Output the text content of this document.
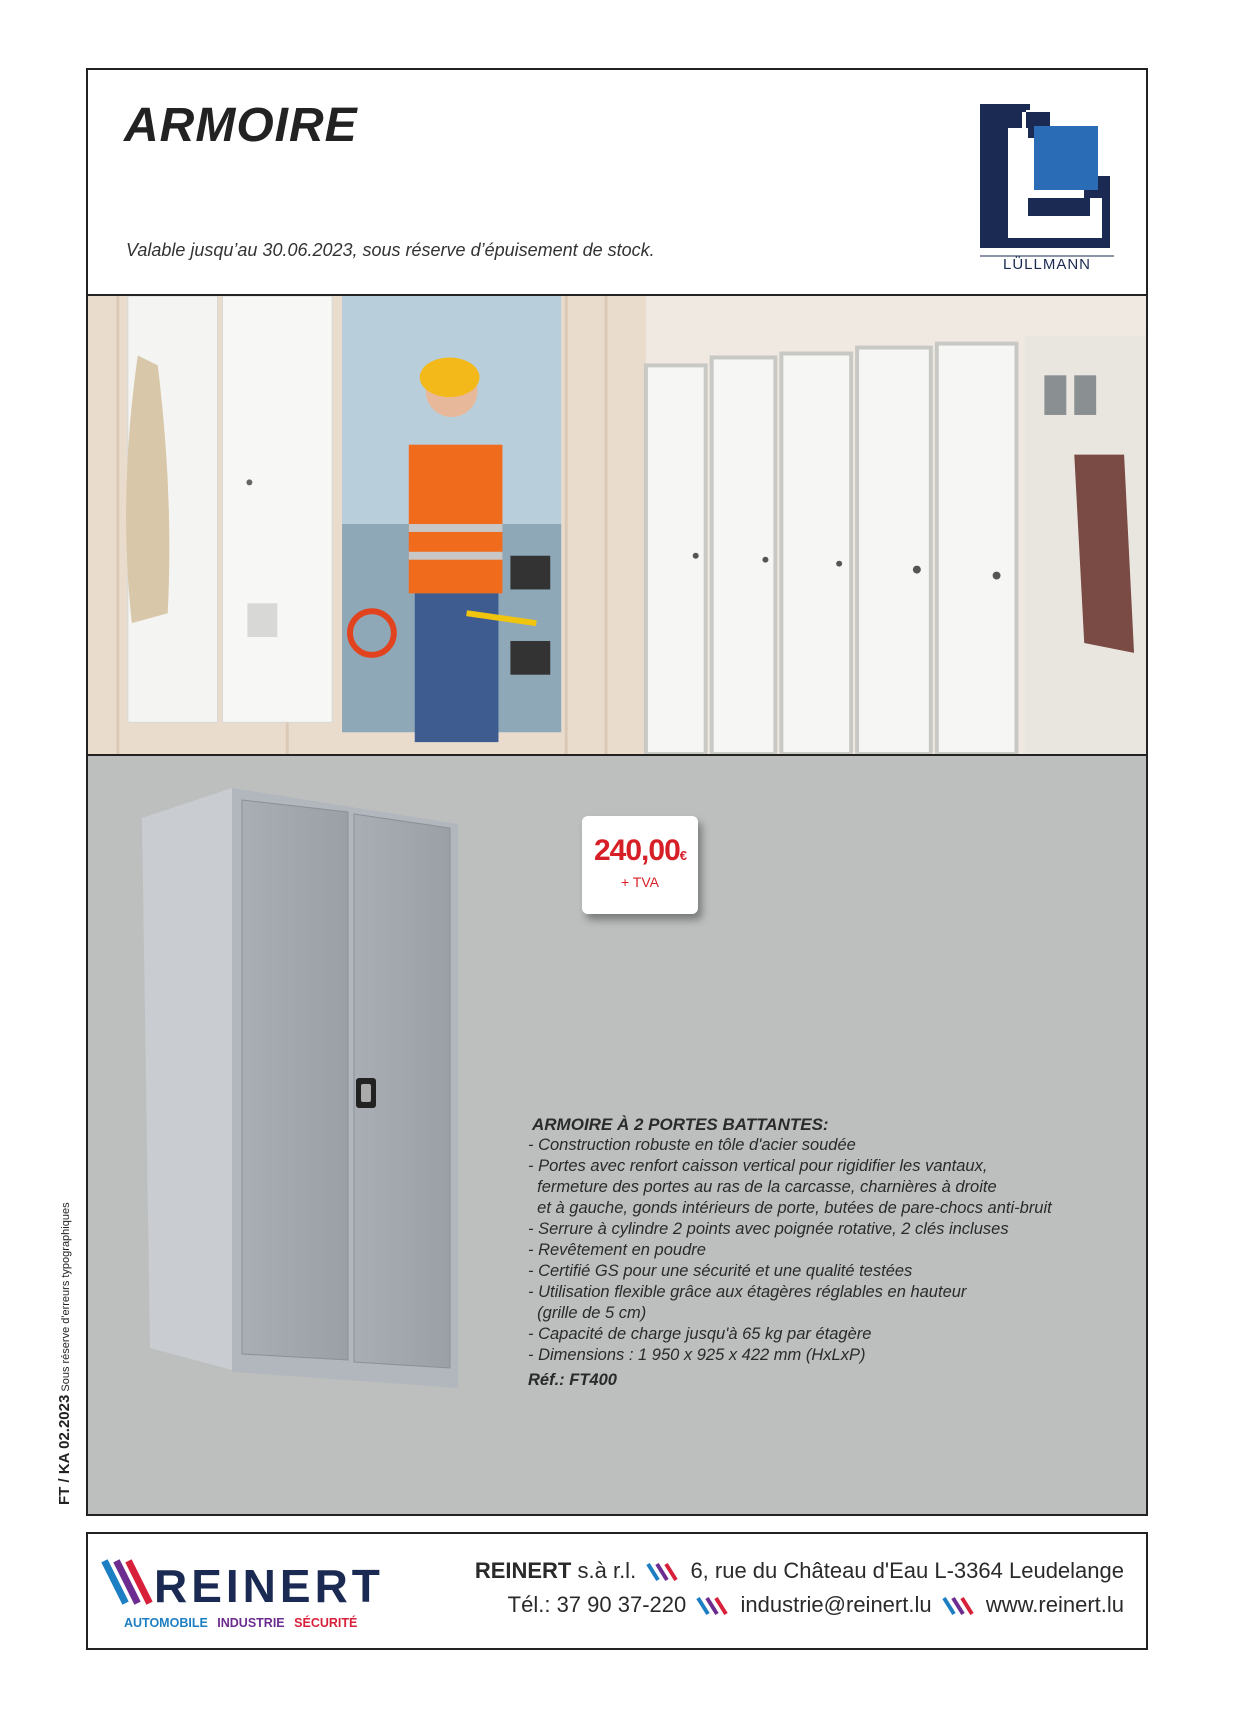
ARMOIRE
Valable jusqu’au 30.06.2023, sous réserve d’épuisement de stock.
LÜLLMANN
240,00€
+ TVA
ARMOIRE À 2 PORTES BATTANTES:
- Construction robuste en tôle d'acier soudée
- Portes avec renfort caisson vertical pour rigidifier les vantaux,
fermeture des portes au ras de la carcasse, charnières à droite
et à gauche, gonds intérieurs de porte, butées de pare-chocs anti-bruit
- Serrure à cylindre 2 points avec poignée rotative, 2 clés incluses
- Revêtement en poudre
- Certifié GS pour une sécurité et une qualité testées
- Utilisation flexible grâce aux étagères réglables en hauteur
(grille de 5 cm)
- Capacité de charge jusqu'à 65 kg par étagère
- Dimensions : 1 950 x 925 x 422 mm (HxLxP)
Réf.: FT400
FT / KA 02.2023 Sous réserve d'erreurs typographiques
REINERT
AUTOMOBILE INDUSTRIE SÉCURITÉ
REINERT s.à r.l. 6, rue du Château d'Eau L-3364 Leudelange
Tél.: 37 90 37-220 industrie@reinert.lu www.reinert.lu
